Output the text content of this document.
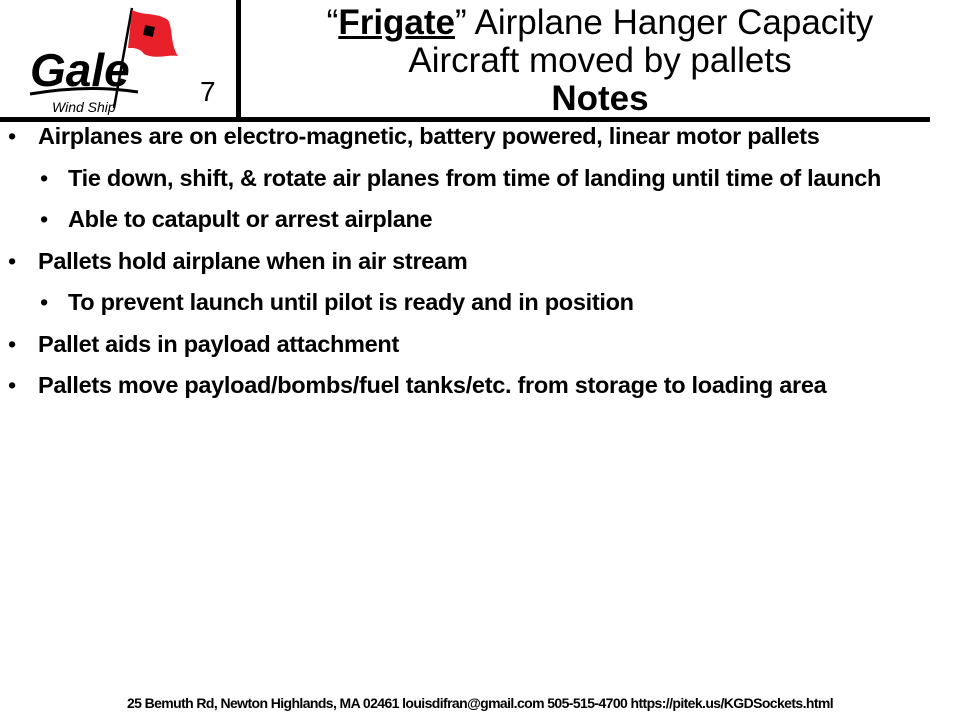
Gale
Wind Ship	7
“Frigate” Airplane Hanger Capacity
Aircraft moved by pallets
Notes
• Airplanes are on electro-magnetic, battery powered, linear motor pallets
• Tie down, shift, & rotate air planes from time of landing until time of launch
• Able to catapult or arrest airplane
• Pallets hold airplane when in air stream
• To prevent launch until pilot is ready and in position
• Pallet aids in payload attachment
• Pallets move payload/bombs/fuel tanks/etc. from storage to loading area
25 Bemuth Rd, Newton Highlands, MA 02461 louisdifran@gmail.com 505-515-4700 https://pitek.us/KGDSockets.html
